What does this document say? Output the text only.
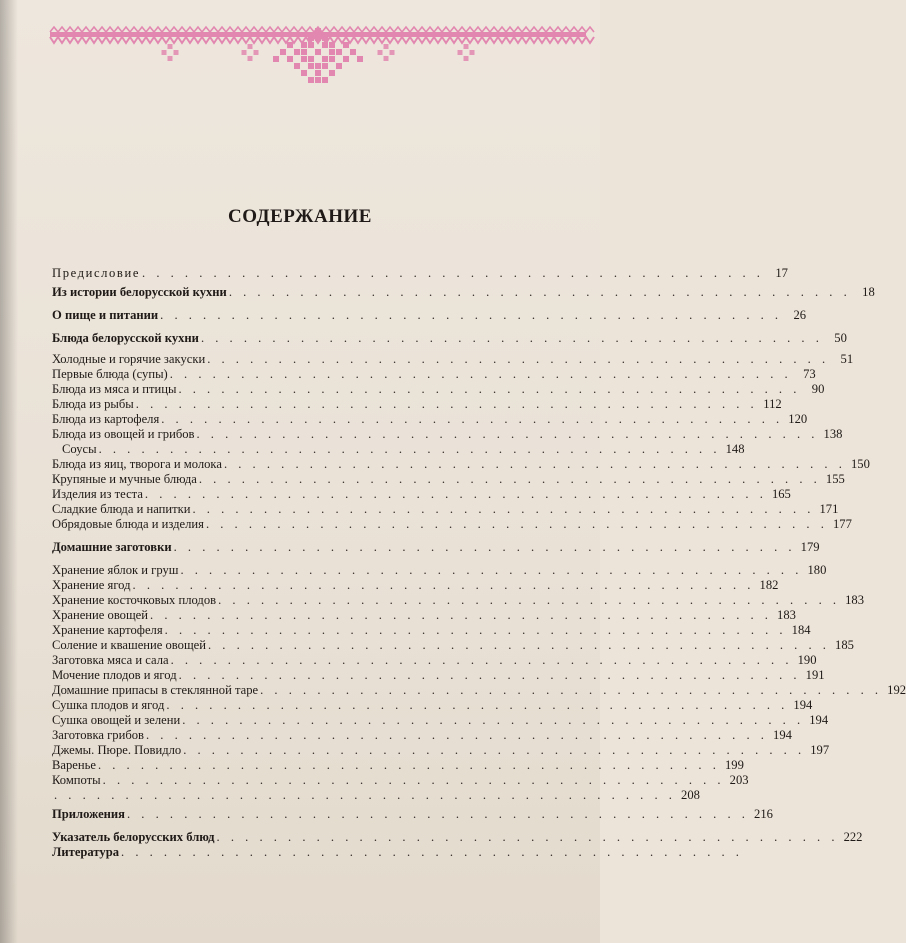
СОДЕРЖАНИЕ
Предисловие . . . . . . . . . . . . . . . . . . . . . . . . . . . . . . . . . . . . . . . . . . . . 17
Из истории белорусской кухни . . . . . . . . . . . . . . . . . . . . . . . . . . . . . . . . . . . . . . . . . . . . 18
О пище и питании . . . . . . . . . . . . . . . . . . . . . . . . . . . . . . . . . . . . . . . . . . . . 26
Блюда белорусской кухни . . . . . . . . . . . . . . . . . . . . . . . . . . . . . . . . . . . . . . . . . . . . 50
Холодные и горячие закуски . . . . . . . . . . . . . . . . . . . . . . . . . . . . . . . . . . . . . . . . . . . . 51
Первые блюда (супы) . . . . . . . . . . . . . . . . . . . . . . . . . . . . . . . . . . . . . . . . . . . . 73
Блюда из мяса и птицы . . . . . . . . . . . . . . . . . . . . . . . . . . . . . . . . . . . . . . . . . . . . 90
Блюда из рыбы . . . . . . . . . . . . . . . . . . . . . . . . . . . . . . . . . . . . . . . . . . . . 112
Блюда из картофеля . . . . . . . . . . . . . . . . . . . . . . . . . . . . . . . . . . . . . . . . . . . . 120
Блюда из овощей и грибов . . . . . . . . . . . . . . . . . . . . . . . . . . . . . . . . . . . . . . . . . . . . 138
Соусы . . . . . . . . . . . . . . . . . . . . . . . . . . . . . . . . . . . . . . . . . . . . 148
Блюда из яиц, творога и молока . . . . . . . . . . . . . . . . . . . . . . . . . . . . . . . . . . . . . . . . . . . . 150
Крупяные и мучные блюда . . . . . . . . . . . . . . . . . . . . . . . . . . . . . . . . . . . . . . . . . . . . 155
Изделия из теста . . . . . . . . . . . . . . . . . . . . . . . . . . . . . . . . . . . . . . . . . . . . 165
Сладкие блюда и напитки . . . . . . . . . . . . . . . . . . . . . . . . . . . . . . . . . . . . . . . . . . . . 171
Обрядовые блюда и изделия . . . . . . . . . . . . . . . . . . . . . . . . . . . . . . . . . . . . . . . . . . . . 177
Домашние заготовки . . . . . . . . . . . . . . . . . . . . . . . . . . . . . . . . . . . . . . . . . . . . 179
Хранение яблок и груш . . . . . . . . . . . . . . . . . . . . . . . . . . . . . . . . . . . . . . . . . . . . 180
Хранение ягод . . . . . . . . . . . . . . . . . . . . . . . . . . . . . . . . . . . . . . . . . . . . 182
Хранение косточковых плодов . . . . . . . . . . . . . . . . . . . . . . . . . . . . . . . . . . . . . . . . . . . . 183
Хранение овощей . . . . . . . . . . . . . . . . . . . . . . . . . . . . . . . . . . . . . . . . . . . . 183
Хранение картофеля . . . . . . . . . . . . . . . . . . . . . . . . . . . . . . . . . . . . . . . . . . . . 184
Соление и квашение овощей . . . . . . . . . . . . . . . . . . . . . . . . . . . . . . . . . . . . . . . . . . . . 185
Заготовка мяса и сала . . . . . . . . . . . . . . . . . . . . . . . . . . . . . . . . . . . . . . . . . . . . 190
Мочение плодов и ягод . . . . . . . . . . . . . . . . . . . . . . . . . . . . . . . . . . . . . . . . . . . . 191
Домашние припасы в стеклянной таре . . . . . . . . . . . . . . . . . . . . . . . . . . . . . . . . . . . . . . . . . . . . 192
Сушка плодов и ягод . . . . . . . . . . . . . . . . . . . . . . . . . . . . . . . . . . . . . . . . . . . . 194
Сушка овощей и зелени . . . . . . . . . . . . . . . . . . . . . . . . . . . . . . . . . . . . . . . . . . . . 194
Заготовка грибов . . . . . . . . . . . . . . . . . . . . . . . . . . . . . . . . . . . . . . . . . . . . 194
Джемы. Пюре. Повидло . . . . . . . . . . . . . . . . . . . . . . . . . . . . . . . . . . . . . . . . . . . . 197
Варенье . . . . . . . . . . . . . . . . . . . . . . . . . . . . . . . . . . . . . . . . . . . . 199
Компоты . . . . . . . . . . . . . . . . . . . . . . . . . . . . . . . . . . . . . . . . . . . . 203
. . . . . . . . . . . . . . . . . . . . . . . . . . . . . . . . . . . . . . . . . . . . 208
Приложения . . . . . . . . . . . . . . . . . . . . . . . . . . . . . . . . . . . . . . . . . . . . 216
Указатель белорусских блюд . . . . . . . . . . . . . . . . . . . . . . . . . . . . . . . . . . . . . . . . . . . . 222
Литература . . . . . . . . . . . . . . . . . . . . . . . . . . . . . . . . . . . . . . . . . . . .
